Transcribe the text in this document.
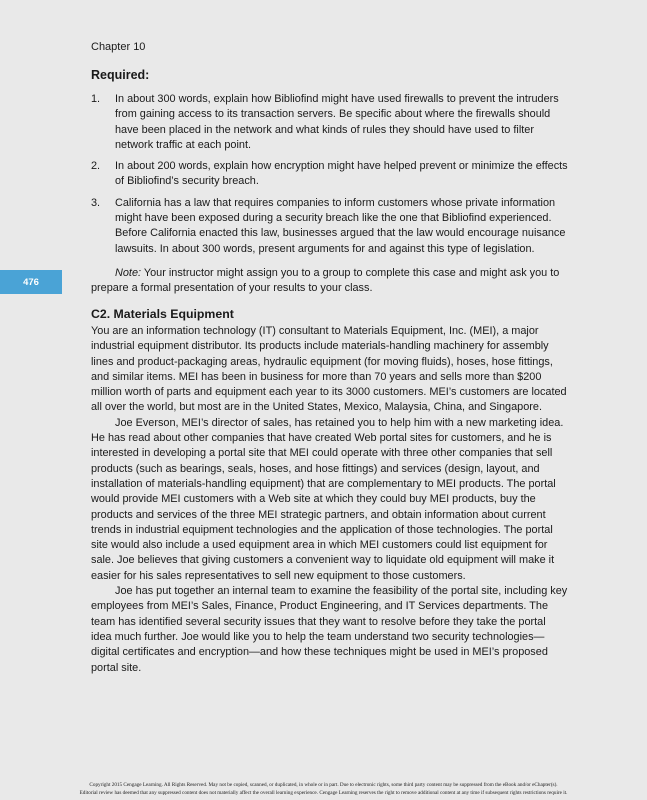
Chapter 10
Required:
1.	In about 300 words, explain how Bibliofind might have used firewalls to prevent the intruders from gaining access to its transaction servers. Be specific about where the firewalls should have been placed in the network and what kinds of rules they should have used to filter network traffic at each point.
2.	In about 200 words, explain how encryption might have helped prevent or minimize the effects of Bibliofind’s security breach.
3.	California has a law that requires companies to inform customers whose private information might have been exposed during a security breach like the one that Bibliofind experienced. Before California enacted this law, businesses argued that the law would encourage nuisance lawsuits. In about 300 words, present arguments for and against this type of legislation.
Note: Your instructor might assign you to a group to complete this case and might ask you to prepare a formal presentation of your results to your class.
476
C2. Materials Equipment

You are an information technology (IT) consultant to Materials Equipment, Inc. (MEI), a major industrial equipment distributor. Its products include materials-handling machinery for assembly lines and product-packaging areas, hydraulic equipment (for moving fluids), hoses, hose fittings, and similar items. MEI has been in business for more than 70 years and sells more than $200 million worth of parts and equipment each year to its 3000 customers. MEI’s customers are located all over the world, but most are in the United States, Mexico, Malaysia, China, and Singapore.

Joe Everson, MEI’s director of sales, has retained you to help him with a new marketing idea. He has read about other companies that have created Web portal sites for customers, and he is interested in developing a portal site that MEI could operate with three other companies that sell products (such as bearings, seals, hoses, and hose fittings) and services (design, layout, and installation of materials-handling equipment) that are complementary to MEI products. The portal would provide MEI customers with a Web site at which they could buy MEI products, buy the products and services of the three MEI strategic partners, and obtain information about current trends in industrial equipment technologies and the application of those technologies. The portal site would also include a used equipment area in which MEI customers could list equipment for sale. Joe believes that giving customers a convenient way to liquidate old equipment will make it easier for his sales representatives to sell new equipment to those customers.

Joe has put together an internal team to examine the feasibility of the portal site, including key employees from MEI’s Sales, Finance, Product Engineering, and IT Services departments. The team has identified several security issues that they want to resolve before they take the portal idea much further. Joe would like you to help the team understand two security technologies—digital certificates and encryption—and how these techniques might be used in MEI’s proposed portal site.

Copyright 2015 Cengage Learning. All Rights Reserved. May not be copied, scanned, or duplicated, in whole or in part. Due to electronic rights, some third party content may be suppressed from the eBook and/or eChapter(s).
Editorial review has deemed that any suppressed content does not materially affect the overall learning experience. Cengage Learning reserves the right to remove additional content at any time if subsequent rights restrictions require it.
